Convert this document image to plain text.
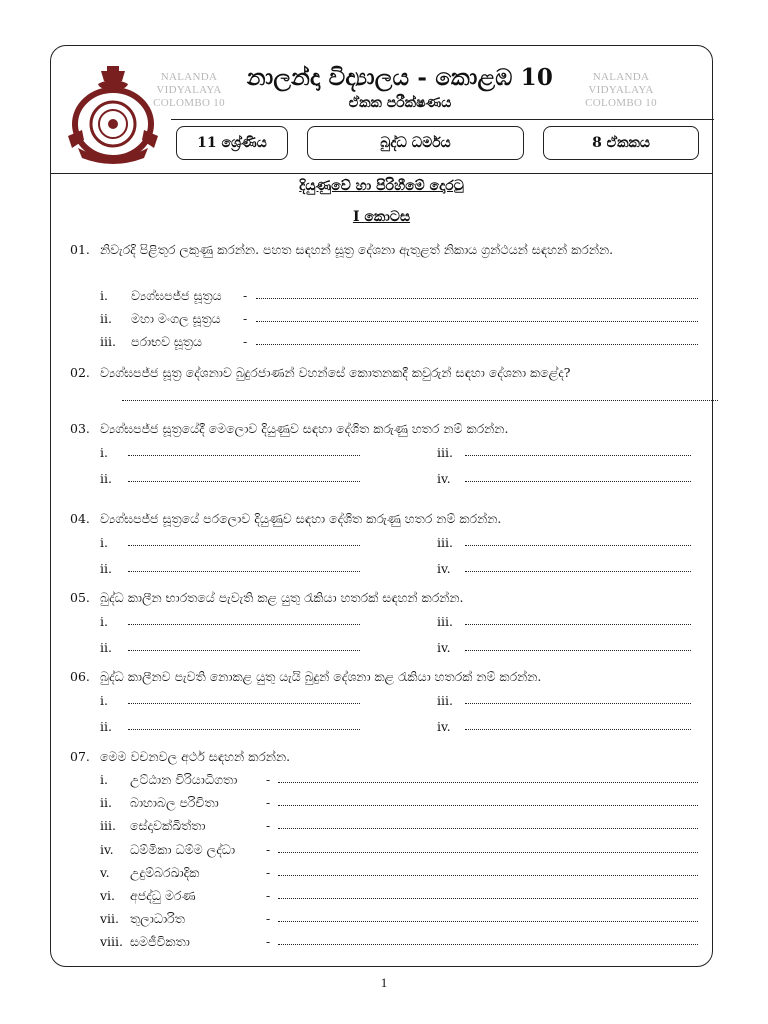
NALANDA
VIDYALAYA
COLOMBO 10
NALANDA
VIDYALAYA
COLOMBO 10
නාලන්දා විද්‍යාලය - කොළඹ 10
ඒකක පරීක්ෂණය
11 ශ්‍රේණිය	බුද්ධ ධර්මය	8 ඒකකය
දියුණුවේ හා පිරිහීමේ දොරටු
I කොටස
01. නිවැරදි පිළිතුර ලකුණු කරන්න. පහත සඳහන් සූත්‍ර දේශනා ඇතුළත් නිකාය ග්‍රන්ථයන් සඳහන් කරන්න.
i. ව්‍යග්ඝපජ්ජ සූත්‍රය -
ii. මහා මංගල සූත්‍රය -
iii. පරාභව සූත්‍රය	-
02. ව්‍යග්ඝපජ්ජ සූත්‍ර දේශනාව බුදුරජාණන් වහන්සේ කොතනකදී කවුරුන් සඳහා දේශනා කළේද?
03. ව්‍යග්ඝපජ්ජ සූත්‍රයේදී මෙලොව දියුණුව සඳහා දේශිත කරුණු හතර නම් කරන්න.
i.	iii.
ii.	iv.
04. ව්‍යග්ඝපජ්ජ සූත්‍රයේ පරලොව දියුණුව සඳහා දේශිත කරුණු හතර නම් කරන්න.
i.	iii.
ii.	iv.
05. බුද්ධ කාලීන භාරතයේ පැවැති කළ යුතු රැකියා හතරක් සඳහන් කරන්න.
i.	iii.
ii.	iv.
06. බුද්ධ කාලීනව පැවති නොකළ යුතු යැයි බුදුන් දේශනා කළ රැකියා හතරක් නම් කරන්න.
i.	iii.
ii.	iv.
07. මෙම වචනවල අර්ථ සඳහන් කරන්න.
i. උට්ඨාන විරියාධිගතා -
ii. බාහාබල පරිචිතා	-
iii. සේදාවක්ඛිත්තා	-
iv. ධම්මිකා ධම්ම ලද්ධා -
v. උදුම්බරඛාදික	-
vi. අජද්ධු මරණ	-
vii. තුලාධාරිත	-
viii. සමජීවිකතා	-
1
